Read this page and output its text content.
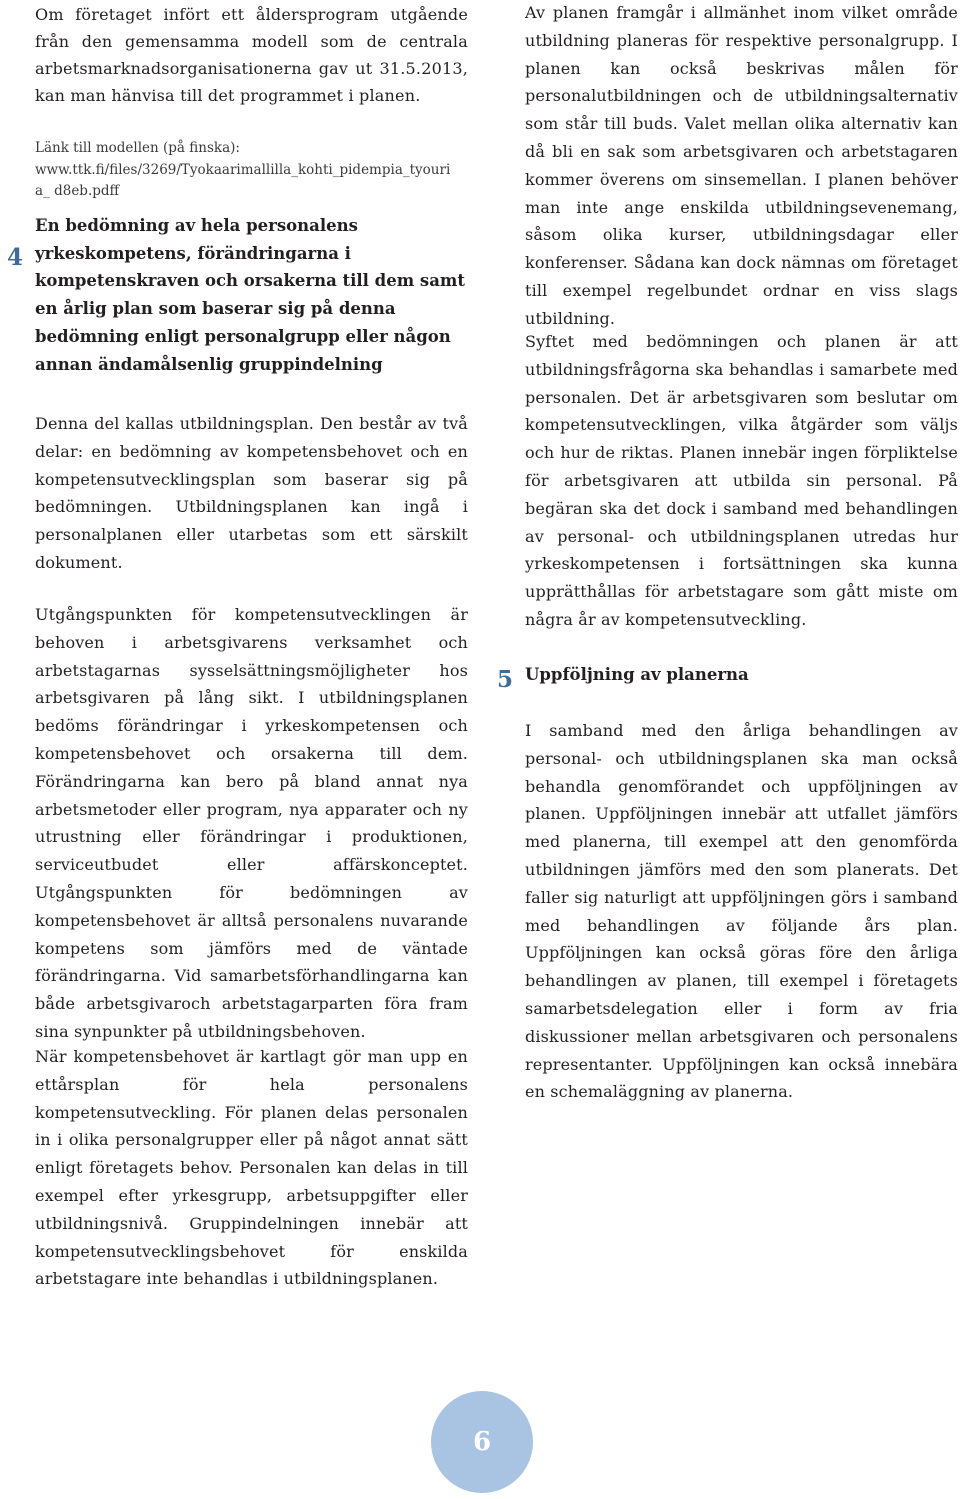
Om företaget infört ett åldersprogram utgående från den gemensamma modell som de centrala arbetsmarknadsorganisationerna gav ut 31.5.2013, kan man hänvisa till det programmet i planen.

Länk till modellen (på finska):
www.ttk.fi/files/3269/Tyokaarimallilla_kohti_pidempia_tyouria_ d8eb.pdff
4
En bedömning av hela personalens yrkeskompetens, förändringarna i kompetenskraven och orsakerna till dem samt en årlig plan som baserar sig på denna bedömning enligt personalgrupp eller någon annan ändamålsenlig gruppindelning

Denna del kallas utbildningsplan. Den består av två delar: en bedömning av kompetensbehovet och en kompetensutvecklingsplan som baserar sig på bedömningen. Utbildningsplanen kan ingå i personalplanen eller utarbetas som ett särskilt dokument.

Utgångspunkten för kompetensutvecklingen är behoven i arbetsgivarens verksamhet och arbetstagarnas sysselsättningsmöjligheter hos arbetsgivaren på lång sikt. I utbildningsplanen bedöms förändringar i yrkeskompetensen och kompetensbehovet och orsakerna till dem. Förändringarna kan bero på bland annat nya arbetsmetoder eller program, nya apparater och ny utrustning eller förändringar i produktionen, serviceutbudet eller affärskonceptet. Utgångspunkten för bedömningen av kompetensbehovet är alltså personalens nuvarande kompetens som jämförs med de väntade förändringarna. Vid samarbetsförhandlingarna kan både arbetsgivaroch arbetstagarparten föra fram sina synpunkter på utbildningsbehoven.

När kompetensbehovet är kartlagt gör man upp en ettårsplan för hela personalens kompetensutveckling. För planen delas personalen in i olika personalgrupper eller på något annat sätt enligt företagets behov. Personalen kan delas in till exempel efter yrkesgrupp, arbetsuppgifter eller utbildningsnivå. Gruppindelningen innebär att kompetensutvecklingsbehovet för enskilda arbetstagare inte behandlas i utbildningsplanen.

Av planen framgår i allmänhet inom vilket område utbildning planeras för respektive personalgrupp. I planen kan också beskrivas målen för personalutbildningen och de utbildningsalternativ som står till buds. Valet mellan olika alternativ kan då bli en sak som arbetsgivaren och arbetstagaren kommer överens om sinsemellan. I planen behöver man inte ange enskilda utbildningsevenemang, såsom olika kurser, utbildningsdagar eller konferenser. Sådana kan dock nämnas om företaget till exempel regelbundet ordnar en viss slags utbildning.

Syftet med bedömningen och planen är att utbildningsfrågorna ska behandlas i samarbete med personalen. Det är arbetsgivaren som beslutar om kompetensutvecklingen, vilka åtgärder som väljs och hur de riktas. Planen innebär ingen förpliktelse för arbetsgivaren att utbilda sin personal. På begäran ska det dock i samband med behandlingen av personal- och utbildningsplanen utredas hur yrkeskompetensen i fortsättningen ska kunna upprätthållas för arbetstagare som gått miste om några år av kompetensutveckling.

5 Uppföljning av planerna

I samband med den årliga behandlingen av personal- och utbildningsplanen ska man också behandla genomförandet och uppföljningen av planen. Uppföljningen innebär att utfallet jämförs med planerna, till exempel att den genomförda utbildningen jämförs med den som planerats. Det faller sig naturligt att uppföljningen görs i samband med behandlingen av följande års plan. Uppföljningen kan också göras före den årliga behandlingen av planen, till exempel i företagets samarbetsdelegation eller i form av fria diskussioner mellan arbetsgivaren och personalens representanter. Uppföljningen kan också innebära en schemaläggning av planerna.

6
